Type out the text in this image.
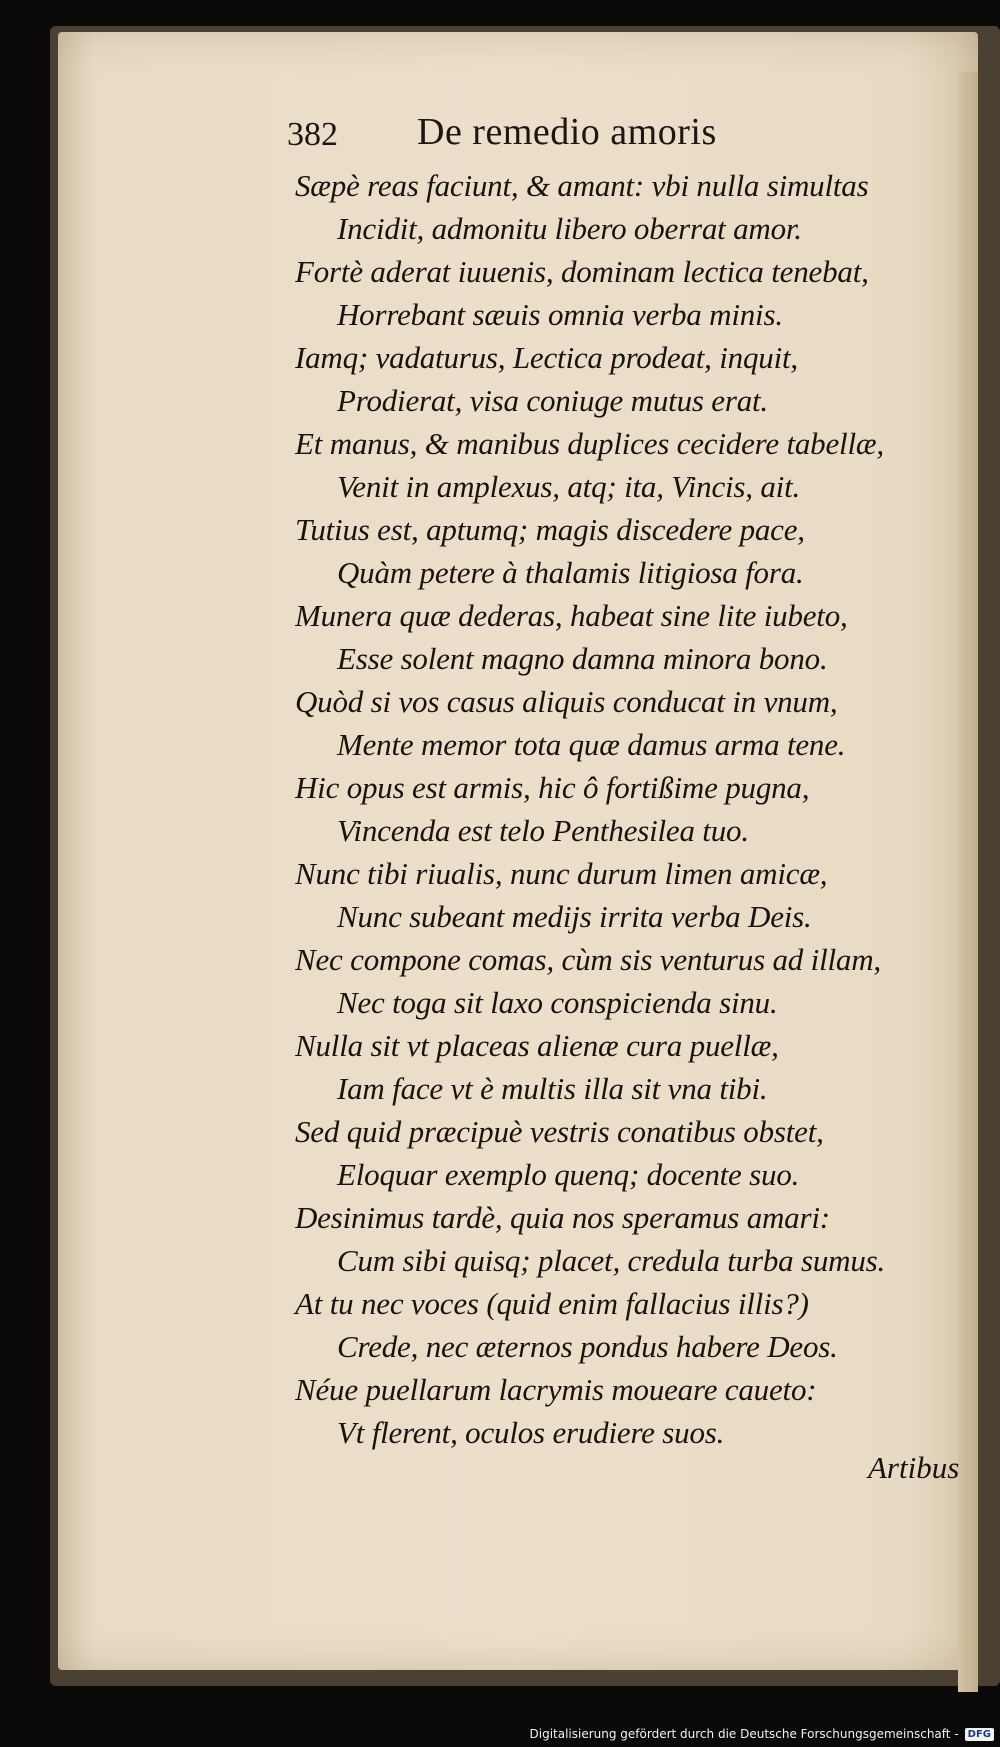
382 De remedio amoris
Sæpè reas faciunt, & amant: vbi nulla simultas
Incidit, admonitu libero oberrat amor.
Fortè aderat iuuenis, dominam lectica tenebat,
Horrebant sæuis omnia verba minis.
Iamq; vadaturus, Lectica prodeat, inquit,
Prodierat, visa coniuge mutus erat.
Et manus, & manibus duplices cecidere tabellæ,
Venit in amplexus, atq; ita, Vincis, ait.
Tutius est, aptumq; magis discedere pace,
Quàm petere à thalamis litigiosa fora.
Munera quæ dederas, habeat sine lite iubeto,
Esse solent magno damna minora bono.
Quòd si vos casus aliquis conducat in vnum,
Mente memor tota quæ damus arma tene.
Hic opus est armis, hic ô fortißime pugna,
Vincenda est telo Penthesilea tuo.
Nunc tibi riualis, nunc durum limen amicæ,
Nunc subeant medijs irrita verba Deis.
Nec compone comas, cùm sis venturus ad illam,
Nec toga sit laxo conspicienda sinu.
Nulla sit vt placeas alienæ cura puellæ,
Iam face vt è multis illa sit vna tibi.
Sed quid præcipuè vestris conatibus obstet,
Eloquar exemplo quenq; docente suo.
Desinimus tardè, quia nos speramus amari:
Cum sibi quisq; placet, credula turba sumus.
At tu nec voces (quid enim fallacius illis?)
Crede, nec æternos pondus habere Deos.
Néue puellarum lacrymis moueare caueto:
Vt flerent, oculos erudiere suos.
Artibus
Digitalisierung gefördert durch die Deutsche Forschungsgemeinschaft - DFG
